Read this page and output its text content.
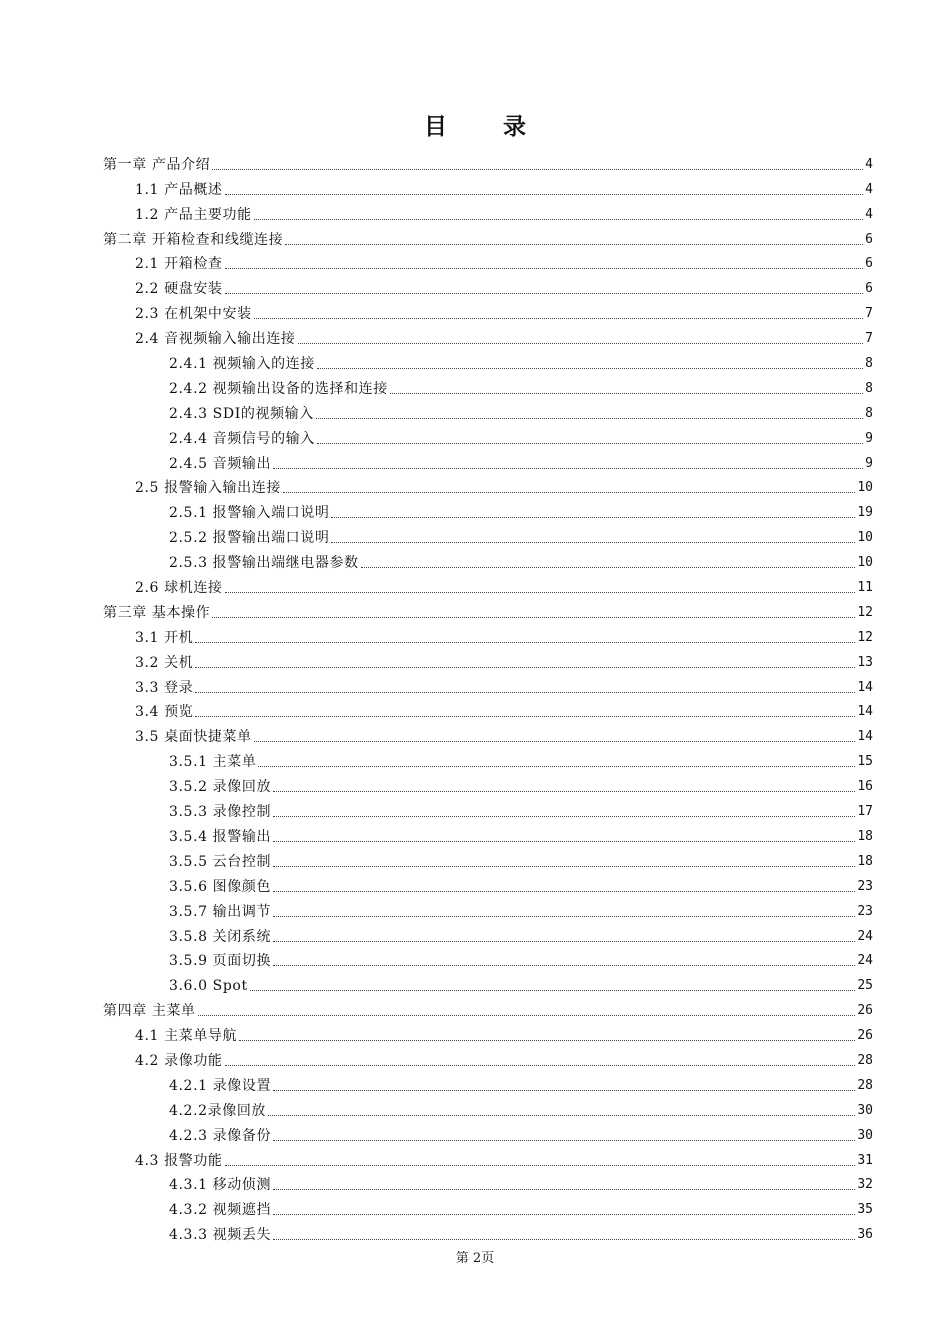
目 录
第一章 产品介绍	4
1.1 产品概述	4
1.2 产品主要功能	4
第二章 开箱检查和线缆连接	6
2.1 开箱检查	6
2.2 硬盘安装	6
2.3 在机架中安装	7
2.4 音视频输入输出连接	7
2.4.1 视频输入的连接	8
2.4.2 视频输出设备的选择和连接	8
2.4.3 SDI的视频输入	8
2.4.4 音频信号的输入	9
2.4.5 音频输出	9
2.5 报警输入输出连接	10
2.5.1 报警输入端口说明	19
2.5.2 报警输出端口说明	10
2.5.3 报警输出端继电器参数	10
2.6 球机连接	11
第三章 基本操作	12
3.1 开机	12
3.2 关机	13
3.3 登录	14
3.4 预览	14
3.5 桌面快捷菜单	14
3.5.1 主菜单	15
3.5.2 录像回放	16
3.5.3 录像控制	17
3.5.4 报警输出	18
3.5.5 云台控制	18
3.5.6 图像颜色	23
3.5.7 输出调节	23
3.5.8 关闭系统	24
3.5.9 页面切换	24
3.6.0 Spot	25
第四章 主菜单	26
4.1 主菜单导航	26
4.2 录像功能	28
4.2.1 录像设置	28
4.2.2录像回放	30
4.2.3 录像备份	30
4.3 报警功能	31
4.3.1 移动侦测	32
4.3.2 视频遮挡	35
4.3.3 视频丢失	36
第 2页
